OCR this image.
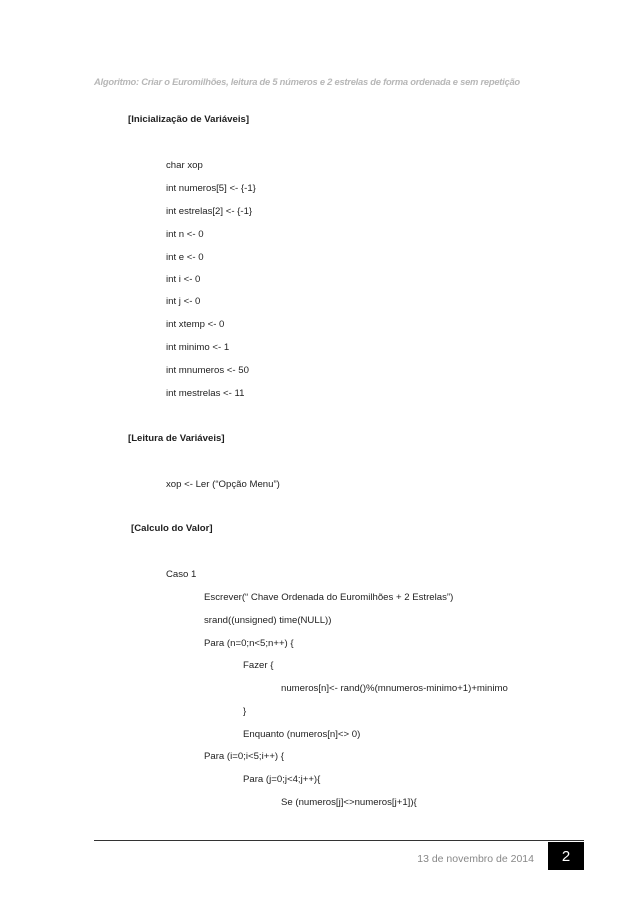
Algoritmo: Criar o Euromilhões, leitura de 5 números e 2 estrelas de forma ordenada e sem repetição
[Inicialização de Variáveis]
char xop
int numeros[5] <- {-1}
int estrelas[2] <- {-1}
int n <- 0
int e <- 0
int i <- 0
int j <- 0
int xtemp <- 0
int minimo <- 1
int mnumeros <- 50
int mestrelas <- 11
[Leitura de Variáveis]
xop <- Ler (“Opção Menu”)
[Calculo do Valor]
Caso 1
Escrever(“ Chave Ordenada do Euromilhões + 2 Estrelas”)
srand((unsigned) time(NULL))
Para (n=0;n<5;n++) {
Fazer {
numeros[n]<- rand()%(mnumeros-minimo+1)+minimo
}
Enquanto (numeros[n]<> 0)
Para (i=0;i<5;i++) {
Para (j=0;j<4;j++){
Se (numeros[j]<>numeros[j+1]){
13 de novembro de 2014 2
